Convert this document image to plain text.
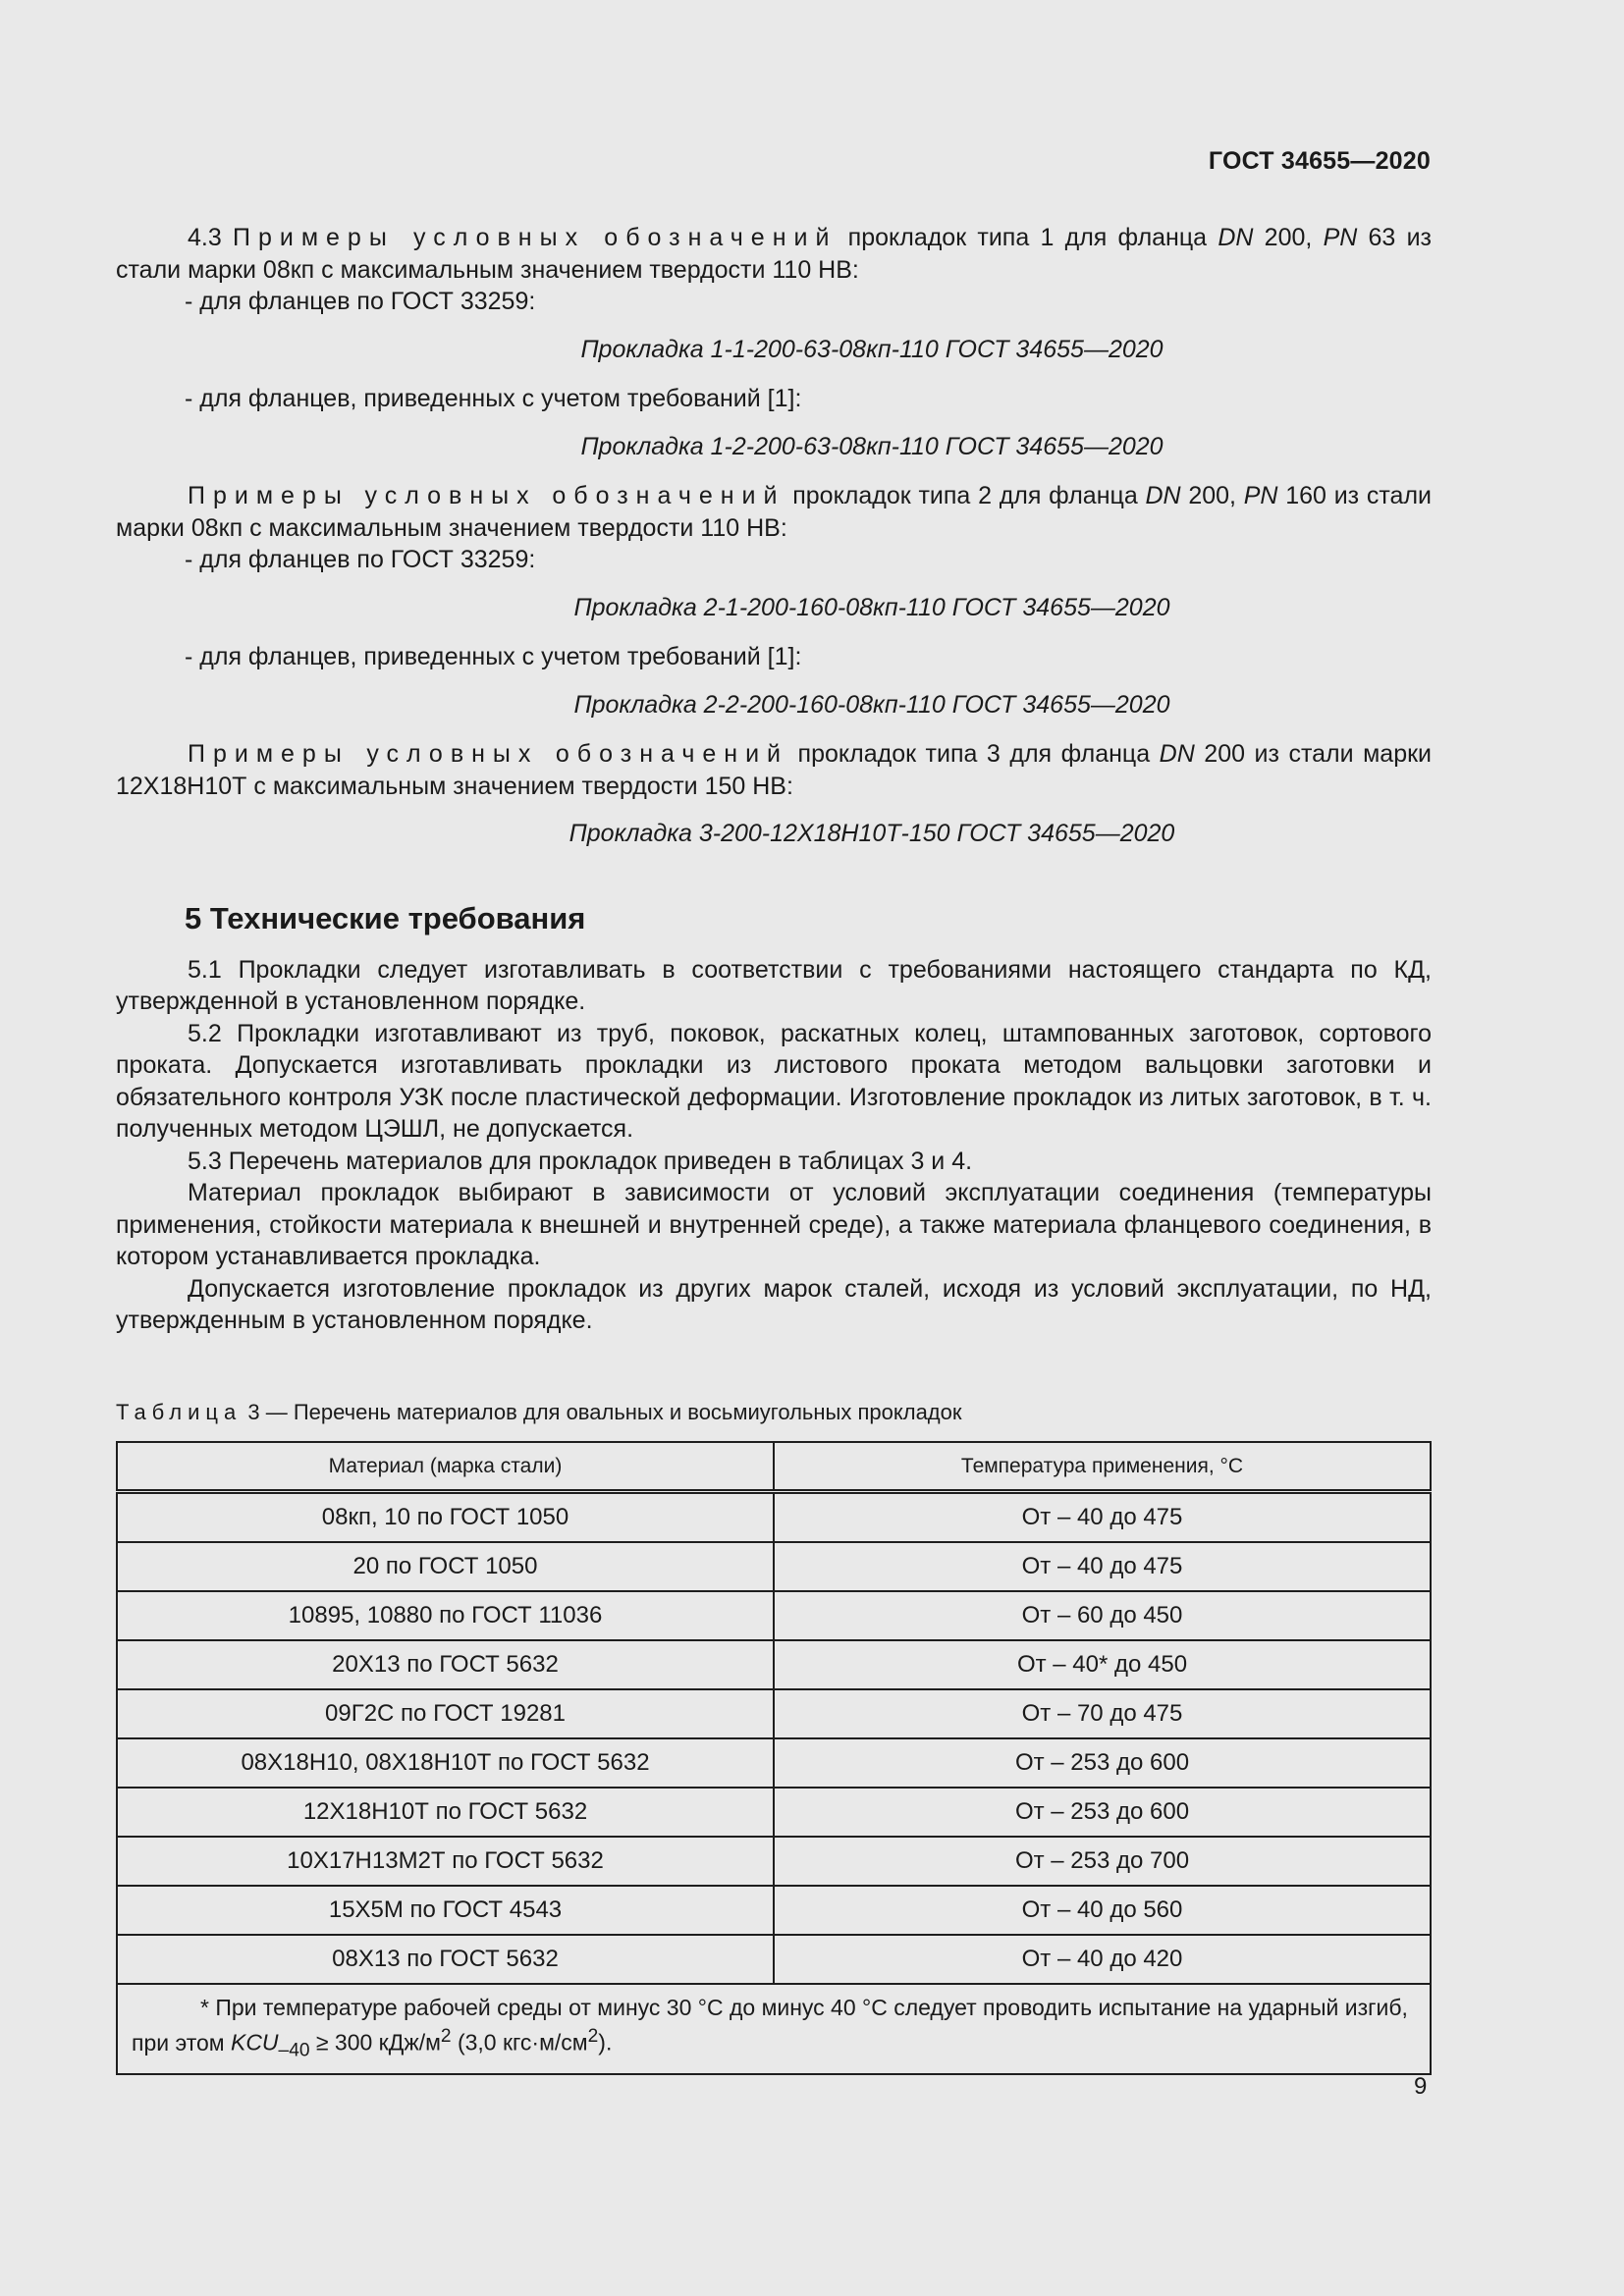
ГОСТ 34655—2020

4.3 Примеры условных обозначений прокладок типа 1 для фланца DN 200, PN 63 из стали марки 08кп с максимальным значением твердости 110 НВ:

- для фланцев по ГОСТ 33259:

Прокладка 1-1-200-63-08кп-110 ГОСТ 34655—2020

- для фланцев, приведенных с учетом требований [1]:

Прокладка 1-2-200-63-08кп-110 ГОСТ 34655—2020

Примеры условных обозначений прокладок типа 2 для фланца DN 200, PN 160 из стали марки 08кп с максимальным значением твердости 110 НВ:

- для фланцев по ГОСТ 33259:

Прокладка 2-1-200-160-08кп-110 ГОСТ 34655—2020

- для фланцев, приведенных с учетом требований [1]:

Прокладка 2-2-200-160-08кп-110 ГОСТ 34655—2020

Примеры условных обозначений прокладок типа 3 для фланца DN 200 из стали марки 12Х18Н10Т с максимальным значением твердости 150 НВ:

Прокладка 3-200-12Х18Н10Т-150 ГОСТ 34655—2020

5 Технические требования

5.1 Прокладки следует изготавливать в соответствии с требованиями настоящего стандарта по КД, утвержденной в установленном порядке.

5.2 Прокладки изготавливают из труб, поковок, раскатных колец, штампованных заготовок, сортового проката. Допускается изготавливать прокладки из листового проката методом вальцовки заготовки и обязательного контроля УЗК после пластической деформации. Изготовление прокладок из литых заготовок, в т. ч. полученных методом ЦЭШЛ, не допускается.

5.3 Перечень материалов для прокладок приведен в таблицах 3 и 4.

Материал прокладок выбирают в зависимости от условий эксплуатации соединения (температуры применения, стойкости материала к внешней и внутренней среде), а также материала фланцевого соединения, в котором устанавливается прокладка.

Допускается изготовление прокладок из других марок сталей, исходя из условий эксплуатации, по НД, утвержденным в установленном порядке.

Таблица 3 — Перечень материалов для овальных и восьмиугольных прокладок
Материал (марка стали)	Температура применения, °С
08кп, 10 по ГОСТ 1050	От – 40 до 475
20 по ГОСТ 1050	От – 40 до 475
10895, 10880 по ГОСТ 11036	От – 60 до 450
20Х13 по ГОСТ 5632	От – 40* до 450
09Г2С по ГОСТ 19281	От – 70 до 475
08Х18Н10, 08Х18Н10Т по ГОСТ 5632	От – 253 до 600
12Х18Н10Т по ГОСТ 5632	От – 253 до 600
10Х17Н13М2Т по ГОСТ 5632	От – 253 до 700
15Х5М по ГОСТ 4543	От – 40 до 560
08Х13 по ГОСТ 5632	От – 40 до 420
* При температуре рабочей среды от минус 30 °С до минус 40 °С следует проводить испытание на ударный изгиб, при этом $KCU_{-40} \ge 300$ кДж/$м^2$ (3,0 $кгс\cdot м/см^2$).	
9
